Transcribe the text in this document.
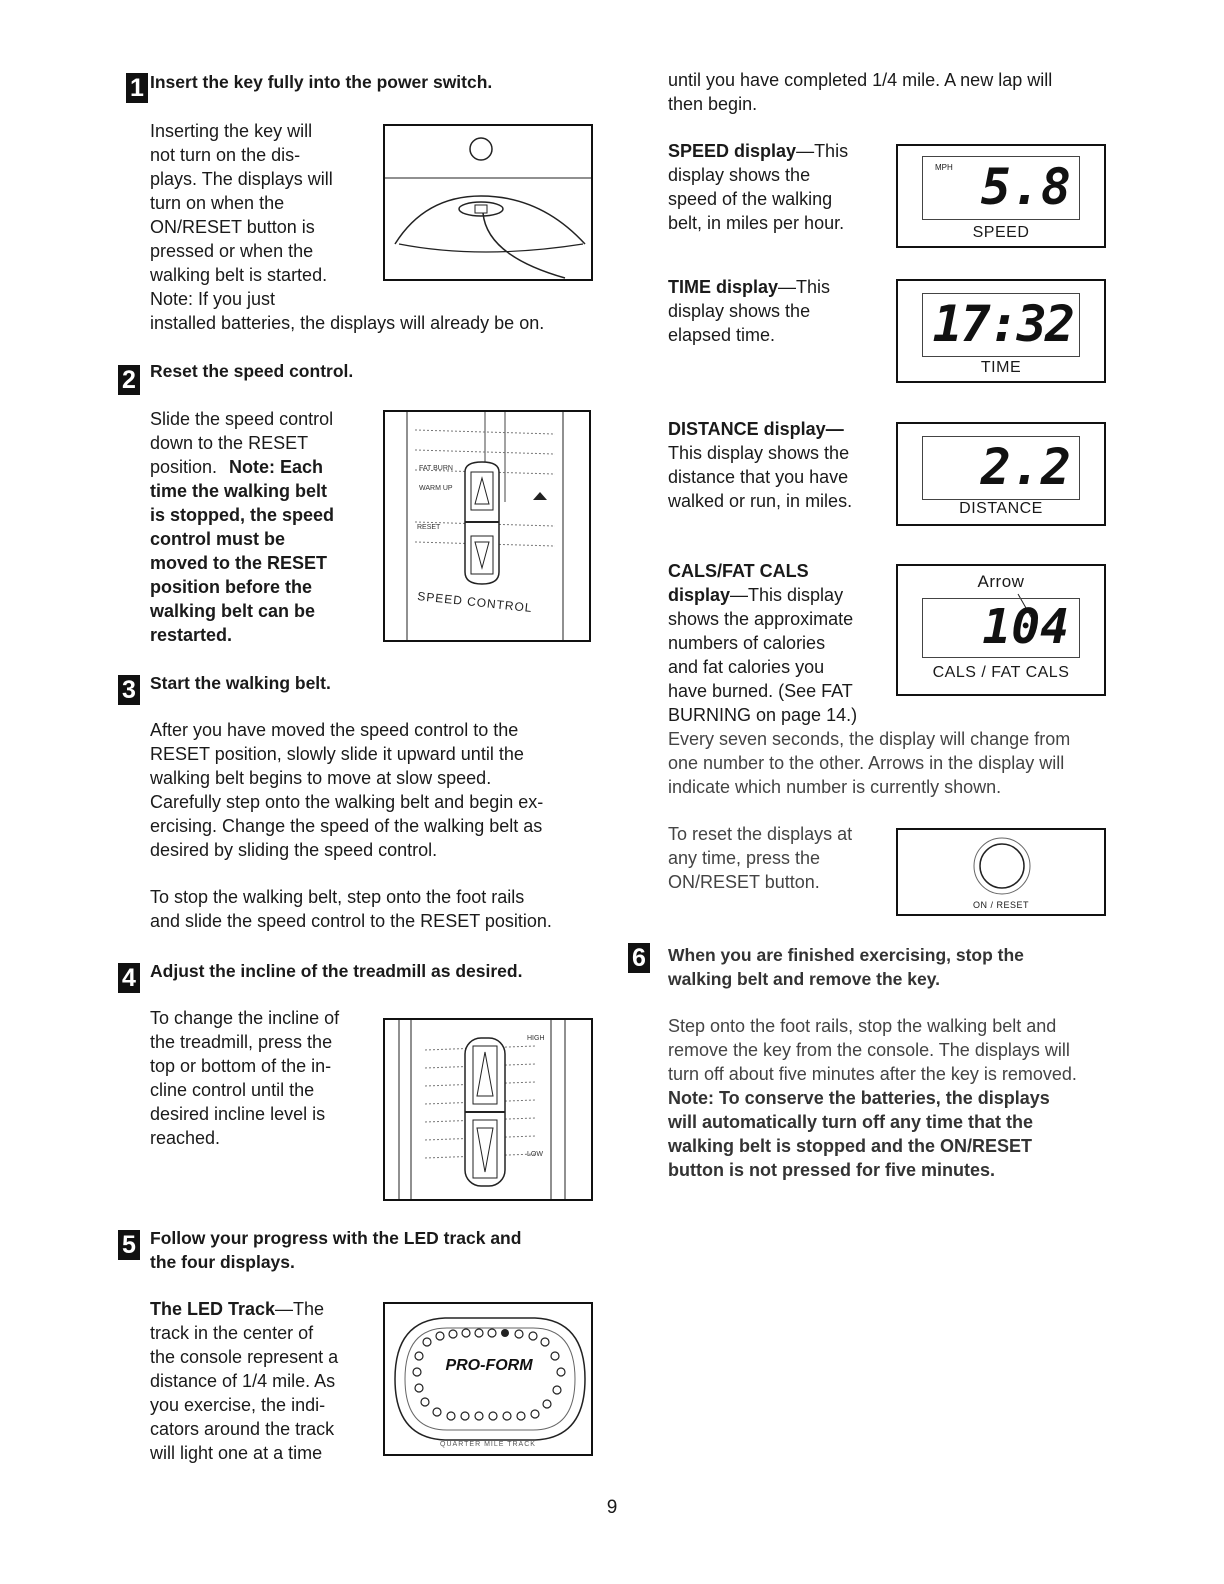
1 Insert the key fully into the power switch.
Inserting the key will
not turn on the dis-
plays. The displays will
turn on when the
ON/RESET button is
pressed or when the
walking belt is started.
Note: If you just
installed batteries, the displays will already be on.
2 Reset the speed control.
Slide the speed control
down to the RESET
position. Note: Each
time the walking belt
is stopped, the speed
control must be
moved to the RESET
position before the
walking belt can be
restarted.
FAT BURN
WARM UP
RESET
SPEED CONTROL
3 Start the walking belt.
After you have moved the speed control to the
RESET position, slowly slide it upward until the
walking belt begins to move at slow speed.
Carefully step onto the walking belt and begin ex-
ercising. Change the speed of the walking belt as
desired by sliding the speed control.
To stop the walking belt, step onto the foot rails
and slide the speed control to the RESET position.
4 Adjust the incline of the treadmill as desired.
To change the incline of
the treadmill, press the
top or bottom of the in-
cline control until the
desired incline level is
reached.
HIGH
LOW
5 Follow your progress with the LED track and
the four displays.
The LED Track—The
track in the center of
the console represent a
distance of 1/4 mile. As
you exercise, the indi-
cators around the track
will light one at a time
PRO-FORM
QUARTER MILE TRACK
until you have completed 1/4 mile. A new lap will
then begin.
SPEED display—This
display shows the
speed of the walking
belt, in miles per hour.
MPH 5.8
SPEED
TIME display—This
display shows the
elapsed time.	17:32
TIME
DISTANCE display—
This display shows the
distance that you have
walked or run, in miles.
2.2
DISTANCE
CALS/FAT CALS
display—This display
shows the approximate
numbers of calories
and fat calories you
have burned. (See FAT
BURNING on page 14.)
Arrow
104
CALS / FAT CALS
Every seven seconds, the display will change from
one number to the other. Arrows in the display will
indicate which number is currently shown.
To reset the displays at
any time, press the
ON/RESET button.
ON / RESET
6 When you are finished exercising, stop the
walking belt and remove the key.
Step onto the foot rails, stop the walking belt and
remove the key from the console. The displays will
turn off about five minutes after the key is removed.
Note: To conserve the batteries, the displays
will automatically turn off any time that the
walking belt is stopped and the ON/RESET
button is not pressed for five minutes.
9
